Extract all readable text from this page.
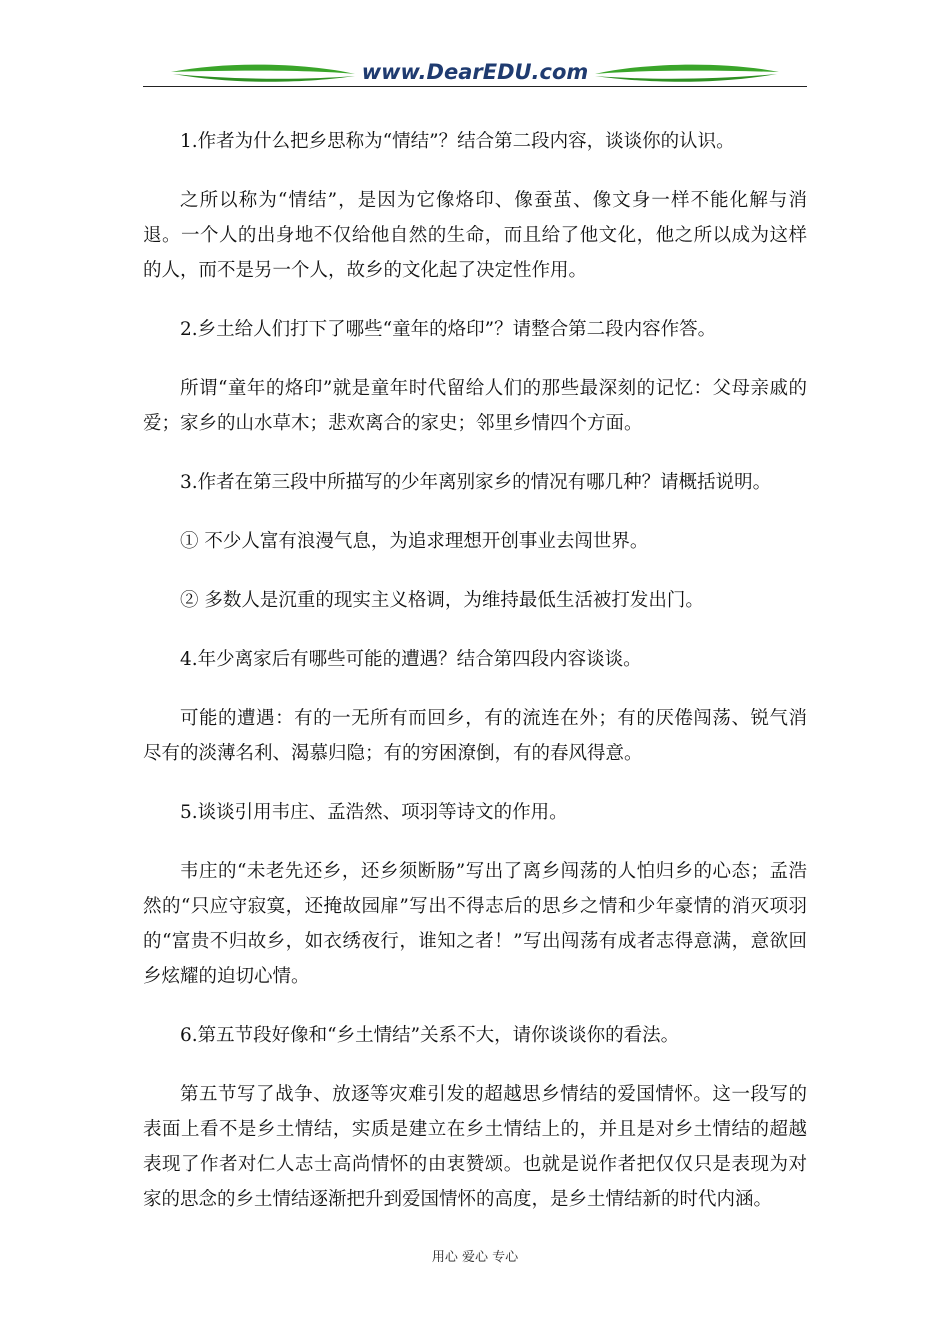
www.DearEDU.com

1.作者为什么把乡思称为“情结”？结合第二段内容，谈谈你的认识。

之所以称为“情结”，是因为它像烙印、像蚕茧、像文身一样不能化解与消退。一个人的出身地不仅给他自然的生命，而且给了他文化，他之所以成为这样的人，而不是另一个人，故乡的文化起了决定性作用。

2.乡土给人们打下了哪些“童年的烙印”？请整合第二段内容作答。

所谓“童年的烙印”就是童年时代留给人们的那些最深刻的记忆：父母亲戚的爱；家乡的山水草木；悲欢离合的家史；邻里乡情四个方面。

3.作者在第三段中所描写的少年离别家乡的情况有哪几种？请概括说明。

① 不少人富有浪漫气息，为追求理想开创事业去闯世界。

② 多数人是沉重的现实主义格调，为维持最低生活被打发出门。

4.年少离家后有哪些可能的遭遇？结合第四段内容谈谈。

可能的遭遇：有的一无所有而回乡，有的流连在外；有的厌倦闯荡、锐气消尽有的淡薄名利、渴慕归隐；有的穷困潦倒，有的春风得意。

5.谈谈引用韦庄、孟浩然、项羽等诗文的作用。

韦庄的“未老先还乡，还乡须断肠”写出了离乡闯荡的人怕归乡的心态；孟浩然的“只应守寂寞，还掩故园扉”写出不得志后的思乡之情和少年豪情的消灭项羽的“富贵不归故乡，如衣绣夜行，谁知之者！”写出闯荡有成者志得意满，意欲回乡炫耀的迫切心情。

6.第五节段好像和“乡土情结”关系不大，请你谈谈你的看法。

第五节写了战争、放逐等灾难引发的超越思乡情结的爱国情怀。这一段写的表面上看不是乡土情结，实质是建立在乡土情结上的，并且是对乡土情结的超越表现了作者对仁人志士高尚情怀的由衷赞颂。也就是说作者把仅仅只是表现为对家的思念的乡土情结逐渐把升到爱国情怀的高度，是乡土情结新的时代内涵。

用心 爱心 专心
